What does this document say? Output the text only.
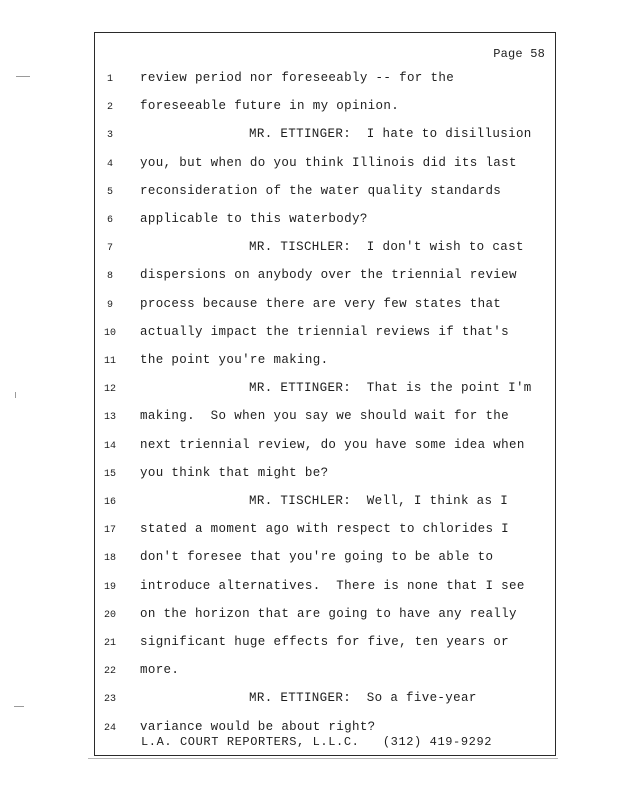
Page 58
1	review period nor foreseeably -- for the
2	foreseeable future in my opinion.
3	MR. ETTINGER:  I hate to disillusion
4	you, but when do you think Illinois did its last
5	reconsideration of the water quality standards
6	applicable to this waterbody?
7	MR. TISCHLER:  I don't wish to cast
8	dispersions on anybody over the triennial review
9	process because there are very few states that
10	actually impact the triennial reviews if that's
11	the point you're making.
12	MR. ETTINGER:  That is the point I'm
13	making.  So when you say we should wait for the
14	next triennial review, do you have some idea when
15	you think that might be?
16	MR. TISCHLER:  Well, I think as I
17	stated a moment ago with respect to chlorides I
18	don't foresee that you're going to be able to
19	introduce alternatives.  There is none that I see
20	on the horizon that are going to have any really
21	significant huge effects for five, ten years or
22	more.
23	MR. ETTINGER:  So a five-year
24	variance would be about right?
L.A. COURT REPORTERS, L.L.C.   (312) 419-9292
